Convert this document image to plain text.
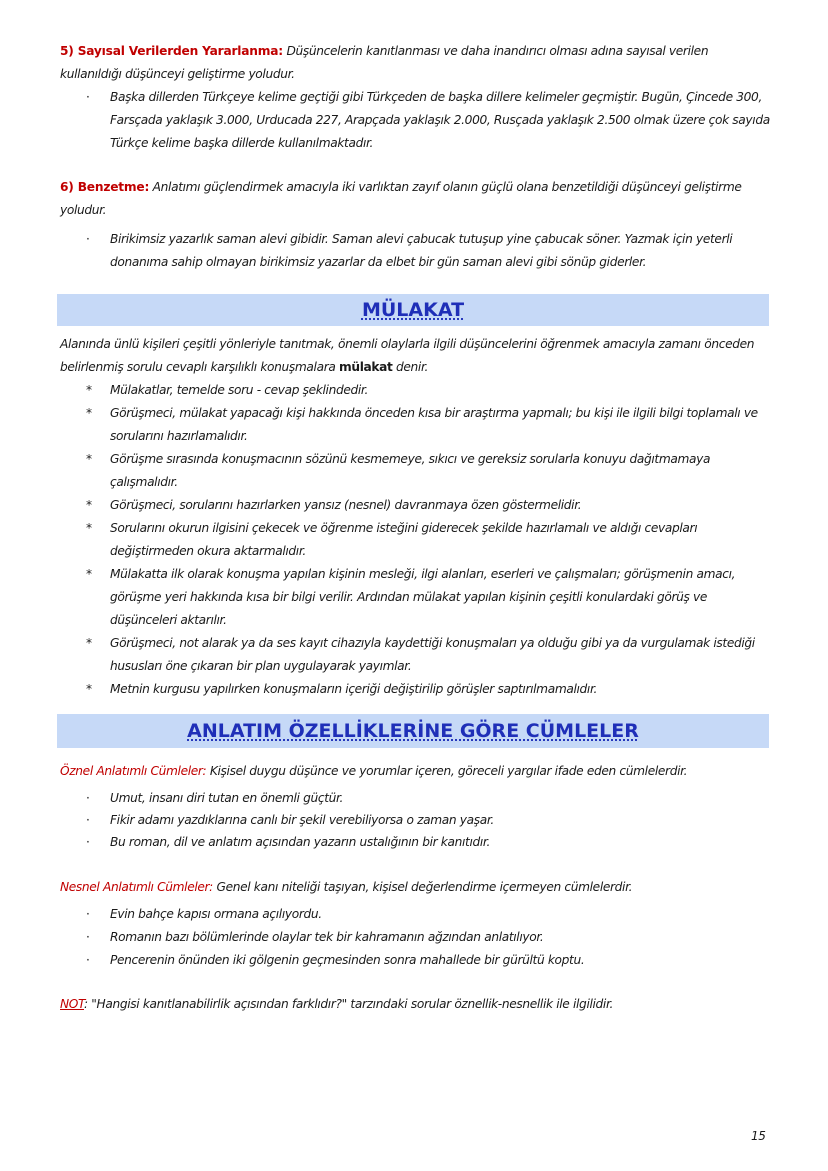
5) Sayısal Verilerden Yararlanma: Düşüncelerin kanıtlanması ve daha inandırıcı olması adına sayısal verilen kullanıldığı düşünceyi geliştirme yoludur.
· Başka dillerden Türkçeye kelime geçtiği gibi Türkçeden de başka dillere kelimeler geçmiştir. Bugün, Çincede 300, Farsçada yaklaşık 3.000, Urducada 227, Arapçada yaklaşık 2.000, Rusçada yaklaşık 2.500 olmak üzere çok sayıda Türkçe kelime başka dillerde kullanılmaktadır.
6) Benzetme: Anlatımı güçlendirmek amacıyla iki varlıktan zayıf olanın güçlü olana benzetildiği düşünceyi geliştirme yoludur.
· Birikimsiz yazarlık saman alevi gibidir. Saman alevi çabucak tutuşup yine çabucak söner. Yazmak için yeterli donanıma sahip olmayan birikimsiz yazarlar da elbet bir gün saman alevi gibi sönüp giderler.
MÜLAKAT
Alanında ünlü kişileri çeşitli yönleriyle tanıtmak, önemli olaylarla ilgili düşüncelerini öğrenmek amacıyla zamanı önceden belirlenmiş sorulu cevaplı karşılıklı konuşmalara mülakat denir.
* Mülakatlar, temelde soru - cevap şeklindedir.
* Görüşmeci, mülakat yapacağı kişi hakkında önceden kısa bir araştırma yapmalı; bu kişi ile ilgili bilgi toplamalı ve sorularını hazırlamalıdır.
* Görüşme sırasında konuşmacının sözünü kesmemeye, sıkıcı ve gereksiz sorularla konuyu dağıtmamaya çalışmalıdır.
* Görüşmeci, sorularını hazırlarken yansız (nesnel) davranmaya özen göstermelidir.
* Sorularını okurun ilgisini çekecek ve öğrenme isteğini giderecek şekilde hazırlamalı ve aldığı cevapları değiştirmeden okura aktarmalıdır.
* Mülakatta ilk olarak konuşma yapılan kişinin mesleği, ilgi alanları, eserleri ve çalışmaları; görüşmenin amacı, görüşme yeri hakkında kısa bir bilgi verilir. Ardından mülakat yapılan kişinin çeşitli konulardaki görüş ve düşünceleri aktarılır.
* Görüşmeci, not alarak ya da ses kayıt cihazıyla kaydettiği konuşmaları ya olduğu gibi ya da vurgulamak istediği hususları öne çıkaran bir plan uygulayarak yayımlar.
* Metnin kurgusu yapılırken konuşmaların içeriği değiştirilip görüşler saptırılmamalıdır.
ANLATIM ÖZELLİKLERİNE GÖRE CÜMLELER
Öznel Anlatımlı Cümleler: Kişisel duygu düşünce ve yorumlar içeren, göreceli yargılar ifade eden cümlelerdir.
· Umut, insanı diri tutan en önemli güçtür.
· Fikir adamı yazdıklarına canlı bir şekil verebiliyorsa o zaman yaşar.
· Bu roman, dil ve anlatım açısından yazarın ustalığının bir kanıtıdır.
Nesnel Anlatımlı Cümleler: Genel kanı niteliği taşıyan, kişisel değerlendirme içermeyen cümlelerdir.
· Evin bahçe kapısı ormana açılıyordu.
· Romanın bazı bölümlerinde olaylar tek bir kahramanın ağzından anlatılıyor.
· Pencerenin önünden iki gölgenin geçmesinden sonra mahallede bir gürültü koptu.
NOT: "Hangisi kanıtlanabilirlik açısından farklıdır?" tarzındaki sorular öznellik-nesnellik ile ilgilidir.
15
